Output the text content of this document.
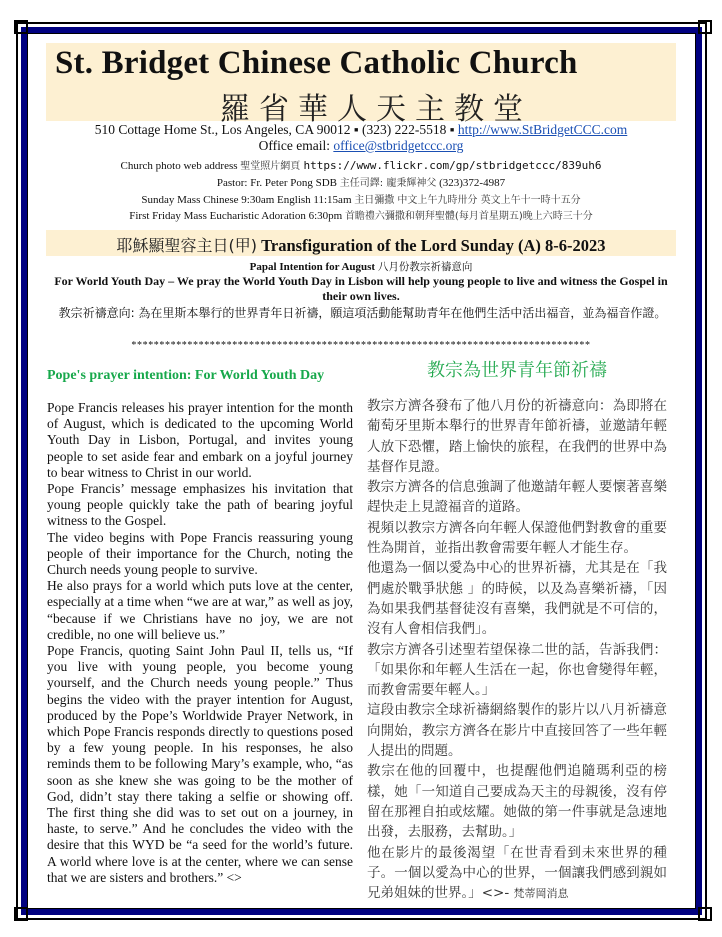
St. Bridget Chinese Catholic Church
羅省華人天主教堂
510 Cottage Home St., Los Angeles, CA 90012 ▪ (323) 222-5518 ▪ http://www.StBridgetCCC.com
Office email: office@stbridgetccc.org
Church photo web address 聖堂照片網頁 https://www.flickr.com/gp/stbridgetccc/839uh6
Pastor: Fr. Peter Pong SDB 主任司鐸: 龐秉輝神父 (323)372-4987
Sunday Mass Chinese 9:30am English 11:15am 主日彌撒 中文上午九時卅分 英文上午十一時十五分
First Friday Mass Eucharistic Adoration 6:30pm 首瞻禮六彌撒和朝拜聖體(每月首星期五)晚上六時三十分
耶穌顯聖容主日(甲) Transfiguration of the Lord Sunday (A) 8-6-2023
Papal Intention for August 八月份教宗祈禱意向
For World Youth Day – We pray the World Youth Day in Lisbon will help young people to live and witness the Gospel in their own lives.
教宗祈禱意向: 為在里斯本舉行的世界青年日祈禱，願這項活動能幫助青年在他們生活中活出福音，並為福音作證。
**********************************************************************************
Pope's prayer intention: For World Youth Day

Pope Francis releases his prayer intention for the month of August, which is dedicated to the upcoming World Youth Day in Lisbon, Portugal, and invites young people to set aside fear and embark on a joyful journey to bear witness to Christ in our world.

Pope Francis’ message emphasizes his invitation that young people quickly take the path of bearing joyful witness to the Gospel.

The video begins with Pope Francis reassuring young people of their importance for the Church, noting the Church needs young people to survive.

He also prays for a world which puts love at the center, especially at a time when “we are at war,” as well as joy, “because if we Christians have no joy, we are not credible, no one will believe us.”

Pope Francis, quoting Saint John Paul II, tells us, “If you live with young people, you become young yourself, and the Church needs young people.” Thus begins the video with the prayer intention for August, produced by the Pope’s Worldwide Prayer Network, in which Pope Francis responds directly to questions posed by a few young people. In his responses, he also reminds them to be following Mary’s example, who, “as soon as she knew she was going to be the mother of God, didn’t stay there taking a selfie or showing off. The first thing she did was to set out on a journey, in haste, to serve.” And he concludes the video with the desire that this WYD be “a seed for the world’s future. A world where love is at the center, where we can sense that we are sisters and brothers.” <>

教宗為世界青年節祈禱

教宗方濟各發布了他八月份的祈禱意向：為即將在葡萄牙里斯本舉行的世界青年節祈禱，並邀請年輕人放下恐懼，踏上愉快的旅程，在我們的世界中為基督作見證。

教宗方濟各的信息強調了他邀請年輕人要懷著喜樂趕快走上見證福音的道路。

視頻以教宗方濟各向年輕人保證他們對教會的重要性為開首，並指出教會需要年輕人才能生存。

他還為一個以愛為中心的世界祈禱，尤其是在「我們處於戰爭狀態 」的時候，以及為喜樂祈禱，「因為如果我們基督徒沒有喜樂，我們就是不可信的，沒有人會相信我們」。

教宗方濟各引述聖若望保祿二世的話，告訴我們：「如果你和年輕人生活在一起，你也會變得年輕，而教會需要年輕人。」

這段由教宗全球祈禱網絡製作的影片以八月祈禱意向開始，教宗方濟各在影片中直接回答了一些年輕人提出的問題。

教宗在他的回覆中，也提醒他們追隨瑪利亞的榜樣，她「一知道自己要成為天主的母親後，沒有停留在那裡自拍或炫耀。她做的第一件事就是急速地出發，去服務，去幫助。」

他在影片的最後渴望「在世青看到未來世界的種子。一個以愛為中心的世界，一個讓我們感到親如兄弟姐妹的世界。」<>- 梵蒂岡消息
